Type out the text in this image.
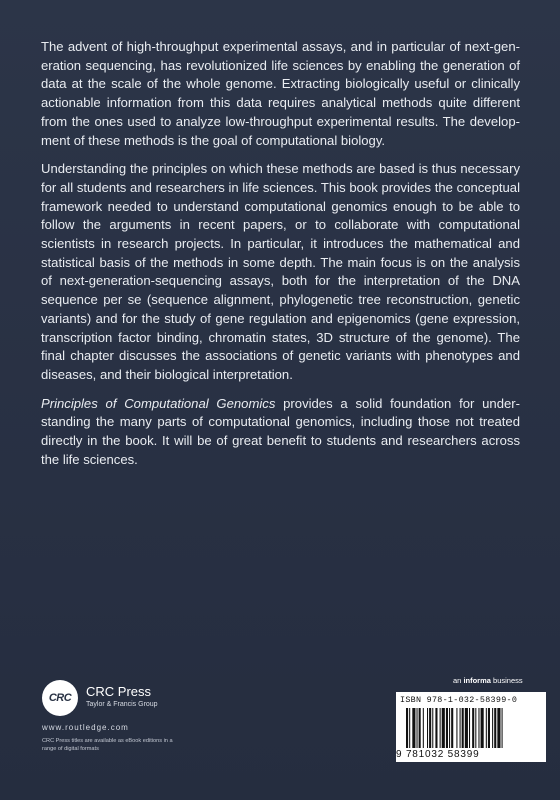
The advent of high-throughput experimental assays, and in particular of next-generation sequencing, has revolutionized life sciences by enabling the generation of data at the scale of the whole genome. Extracting biologically useful or clinically actionable information from this data requires analytical methods quite different from the ones used to analyze low-throughput experimental results. The development of these methods is the goal of computational biology.

Understanding the principles on which these methods are based is thus necessary for all students and researchers in life sciences. This book provides the conceptual framework needed to understand computational genomics enough to be able to follow the arguments in recent papers, or to collaborate with computational scientists in research projects. In particular, it introduces the mathematical and statistical basis of the methods in some depth. The main focus is on the analysis of next-generation-sequencing assays, both for the interpretation of the DNA sequence per se (sequence alignment, phylogenetic tree reconstruction, genetic variants) and for the study of gene regulation and epigenomics (gene expression, transcription factor binding, chromatin states, 3D structure of the genome). The final chapter discusses the associations of genetic variants with phenotypes and diseases, and their biological interpretation.

Principles of Computational Genomics provides a solid foundation for understanding the many parts of computational genomics, including those not treated directly in the book. It will be of great benefit to students and researchers across the life sciences.

CRC CRC Press
Taylor & Francis Group
www.routledge.com
CRC Press titles are available as eBook editions in a range of digital formats
an informa business
ISBN 978-1-032-58399-0
9 781032 58399
